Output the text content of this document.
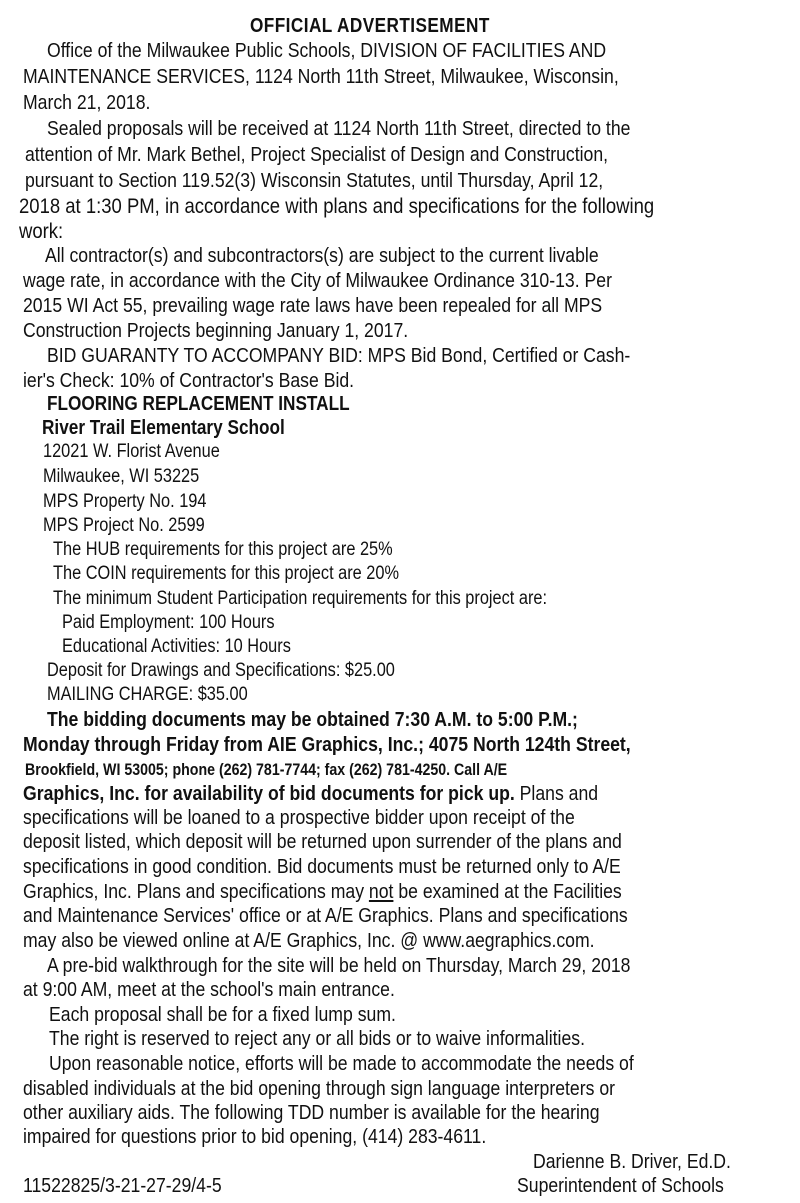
OFFICIAL ADVERTISEMENT
Office of the Milwaukee Public Schools, DIVISION OF FACILITIES AND
MAINTENANCE SERVICES, 1124 North 11th Street, Milwaukee, Wisconsin,
March 21, 2018.
Sealed proposals will be received at 1124 North 11th Street, directed to the
attention of Mr. Mark Bethel, Project Specialist of Design and Construction,
pursuant to Section 119.52(3) Wisconsin Statutes, until Thursday, April 12,
2018 at 1:30 PM, in accordance with plans and specifications for the following
work:
All contractor(s) and subcontractors(s) are subject to the current livable
wage rate, in accordance with the City of Milwaukee Ordinance 310-13. Per
2015 WI Act 55, prevailing wage rate laws have been repealed for all MPS
Construction Projects beginning January 1, 2017.
BID GUARANTY TO ACCOMPANY BID: MPS Bid Bond, Certified or Cash-
ier's Check: 10% of Contractor's Base Bid.
FLOORING REPLACEMENT INSTALL
River Trail Elementary School
12021 W. Florist Avenue
Milwaukee, WI 53225
MPS Property No. 194
MPS Project No. 2599
The HUB requirements for this project are 25%
The COIN requirements for this project are 20%
The minimum Student Participation requirements for this project are:
Paid Employment: 100 Hours
Educational Activities: 10 Hours
Deposit for Drawings and Specifications: $25.00
MAILING CHARGE: $35.00
The bidding documents may be obtained 7:30 A.M. to 5:00 P.M.;
Monday through Friday from AIE Graphics, Inc.; 4075 North 124th Street,
Brookfield, WI 53005; phone (262) 781-7744; fax (262) 781-4250. Call A/E
Graphics, Inc. for availability of bid documents for pick up. Plans and
specifications will be loaned to a prospective bidder upon receipt of the
deposit listed, which deposit will be returned upon surrender of the plans and
specifications in good condition. Bid documents must be returned only to A/E
Graphics, Inc. Plans and specifications may not be examined at the Facilities
and Maintenance Services' office or at A/E Graphics. Plans and specifications
may also be viewed online at A/E Graphics, Inc. @ www.aegraphics.com.
A pre-bid walkthrough for the site will be held on Thursday, March 29, 2018
at 9:00 AM, meet at the school's main entrance.
Each proposal shall be for a fixed lump sum.
The right is reserved to reject any or all bids or to waive informalities.
Upon reasonable notice, efforts will be made to accommodate the needs of
disabled individuals at the bid opening through sign language interpreters or
other auxiliary aids. The following TDD number is available for the hearing
impaired for questions prior to bid opening, (414) 283-4611.
Darienne B. Driver, Ed.D.
11522825/3-21-27-29/4-5	Superintendent of Schools
